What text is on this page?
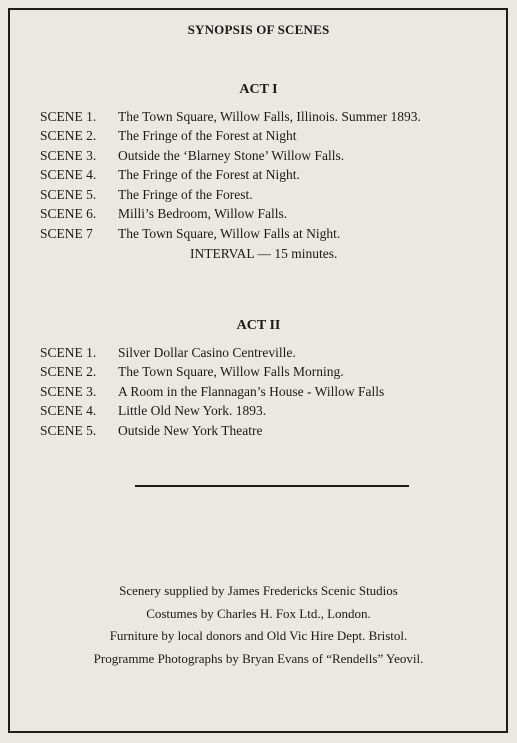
SYNOPSIS OF SCENES
ACT I
SCENE 1.	The Town Square, Willow Falls, Illinois. Summer 1893.
SCENE 2.	The Fringe of the Forest at Night
SCENE 3.	Outside the ‘Blarney Stone’ Willow Falls.
SCENE 4.	The Fringe of the Forest at Night.
SCENE 5.	The Fringe of the Forest.
SCENE 6.	Milli’s Bedroom, Willow Falls.
SCENE 7	The Town Square, Willow Falls at Night.
INTERVAL — 15 minutes.
ACT II
SCENE 1.	Silver Dollar Casino Centreville.
SCENE 2.	The Town Square, Willow Falls Morning.
SCENE 3.	A Room in the Flannagan’s House - Willow Falls
SCENE 4.	Little Old New York. 1893.
SCENE 5.	Outside New York Theatre
Scenery supplied by James Fredericks Scenic Studios
Costumes by Charles H. Fox Ltd., London.
Furniture by local donors and Old Vic Hire Dept. Bristol.
Programme Photographs by Bryan Evans of “Rendells” Yeovil.
